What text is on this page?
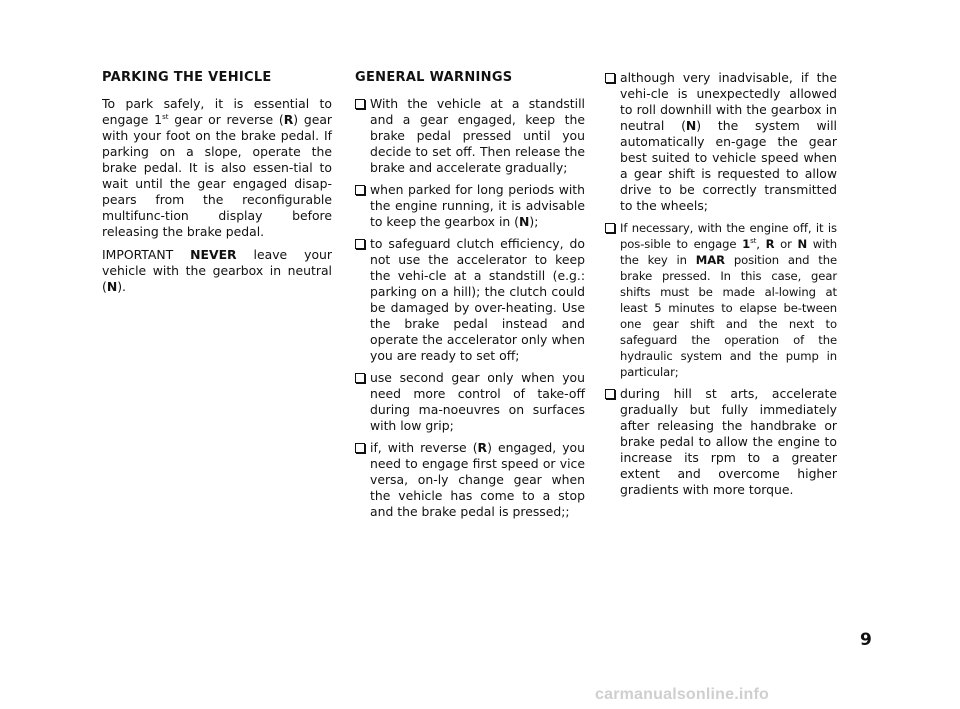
PARKING THE VEHICLE

To park safely, it is essential to engage 1st gear or reverse (R) gear with your foot on the brake pedal. If parking on a slope, operate the brake pedal. It is also essen-tial to wait until the gear engaged disap-pears from the reconfigurable multifunc-tion display before releasing the brake pedal.

IMPORTANT NEVER leave your vehicle with the gearbox in neutral (N).

GENERAL WARNINGS
With the vehicle at a standstill and a gear engaged, keep the brake pedal pressed until you decide to set off. Then release the brake and accelerate gradually;
when parked for long periods with the engine running, it is advisable to keep the gearbox in (N);
to safeguard clutch efficiency, do not use the accelerator to keep the vehi-cle at a standstill (e.g.: parking on a hill); the clutch could be damaged by over-heating. Use the brake pedal instead and operate the accelerator only when you are ready to set off;
use second gear only when you need more control of take-off during ma-noeuvres on surfaces with low grip;
if, with reverse (R) engaged, you need to engage first speed or vice versa, on-ly change gear when the vehicle has come to a stop and the brake pedal is pressed;;
although very inadvisable, if the vehi-cle is unexpectedly allowed to roll downhill with the gearbox in neutral (N) the system will automatically en-gage the gear best suited to vehicle speed when a gear shift is requested to allow drive to be correctly transmitted to the wheels;
If necessary, with the engine off, it is pos-sible to engage 1st, R or N with the key in MAR position and the brake pressed. In this case, gear shifts must be made al-lowing at least 5 minutes to elapse be-tween one gear shift and the next to safeguard the operation of the hydraulic system and the pump in particular;
during hill st arts, accelerate gradually but fully immediately after releasing the handbrake or brake pedal to allow the engine to increase its rpm to a greater extent and overcome higher gradients with more torque.
9
carmanualsonline.info
